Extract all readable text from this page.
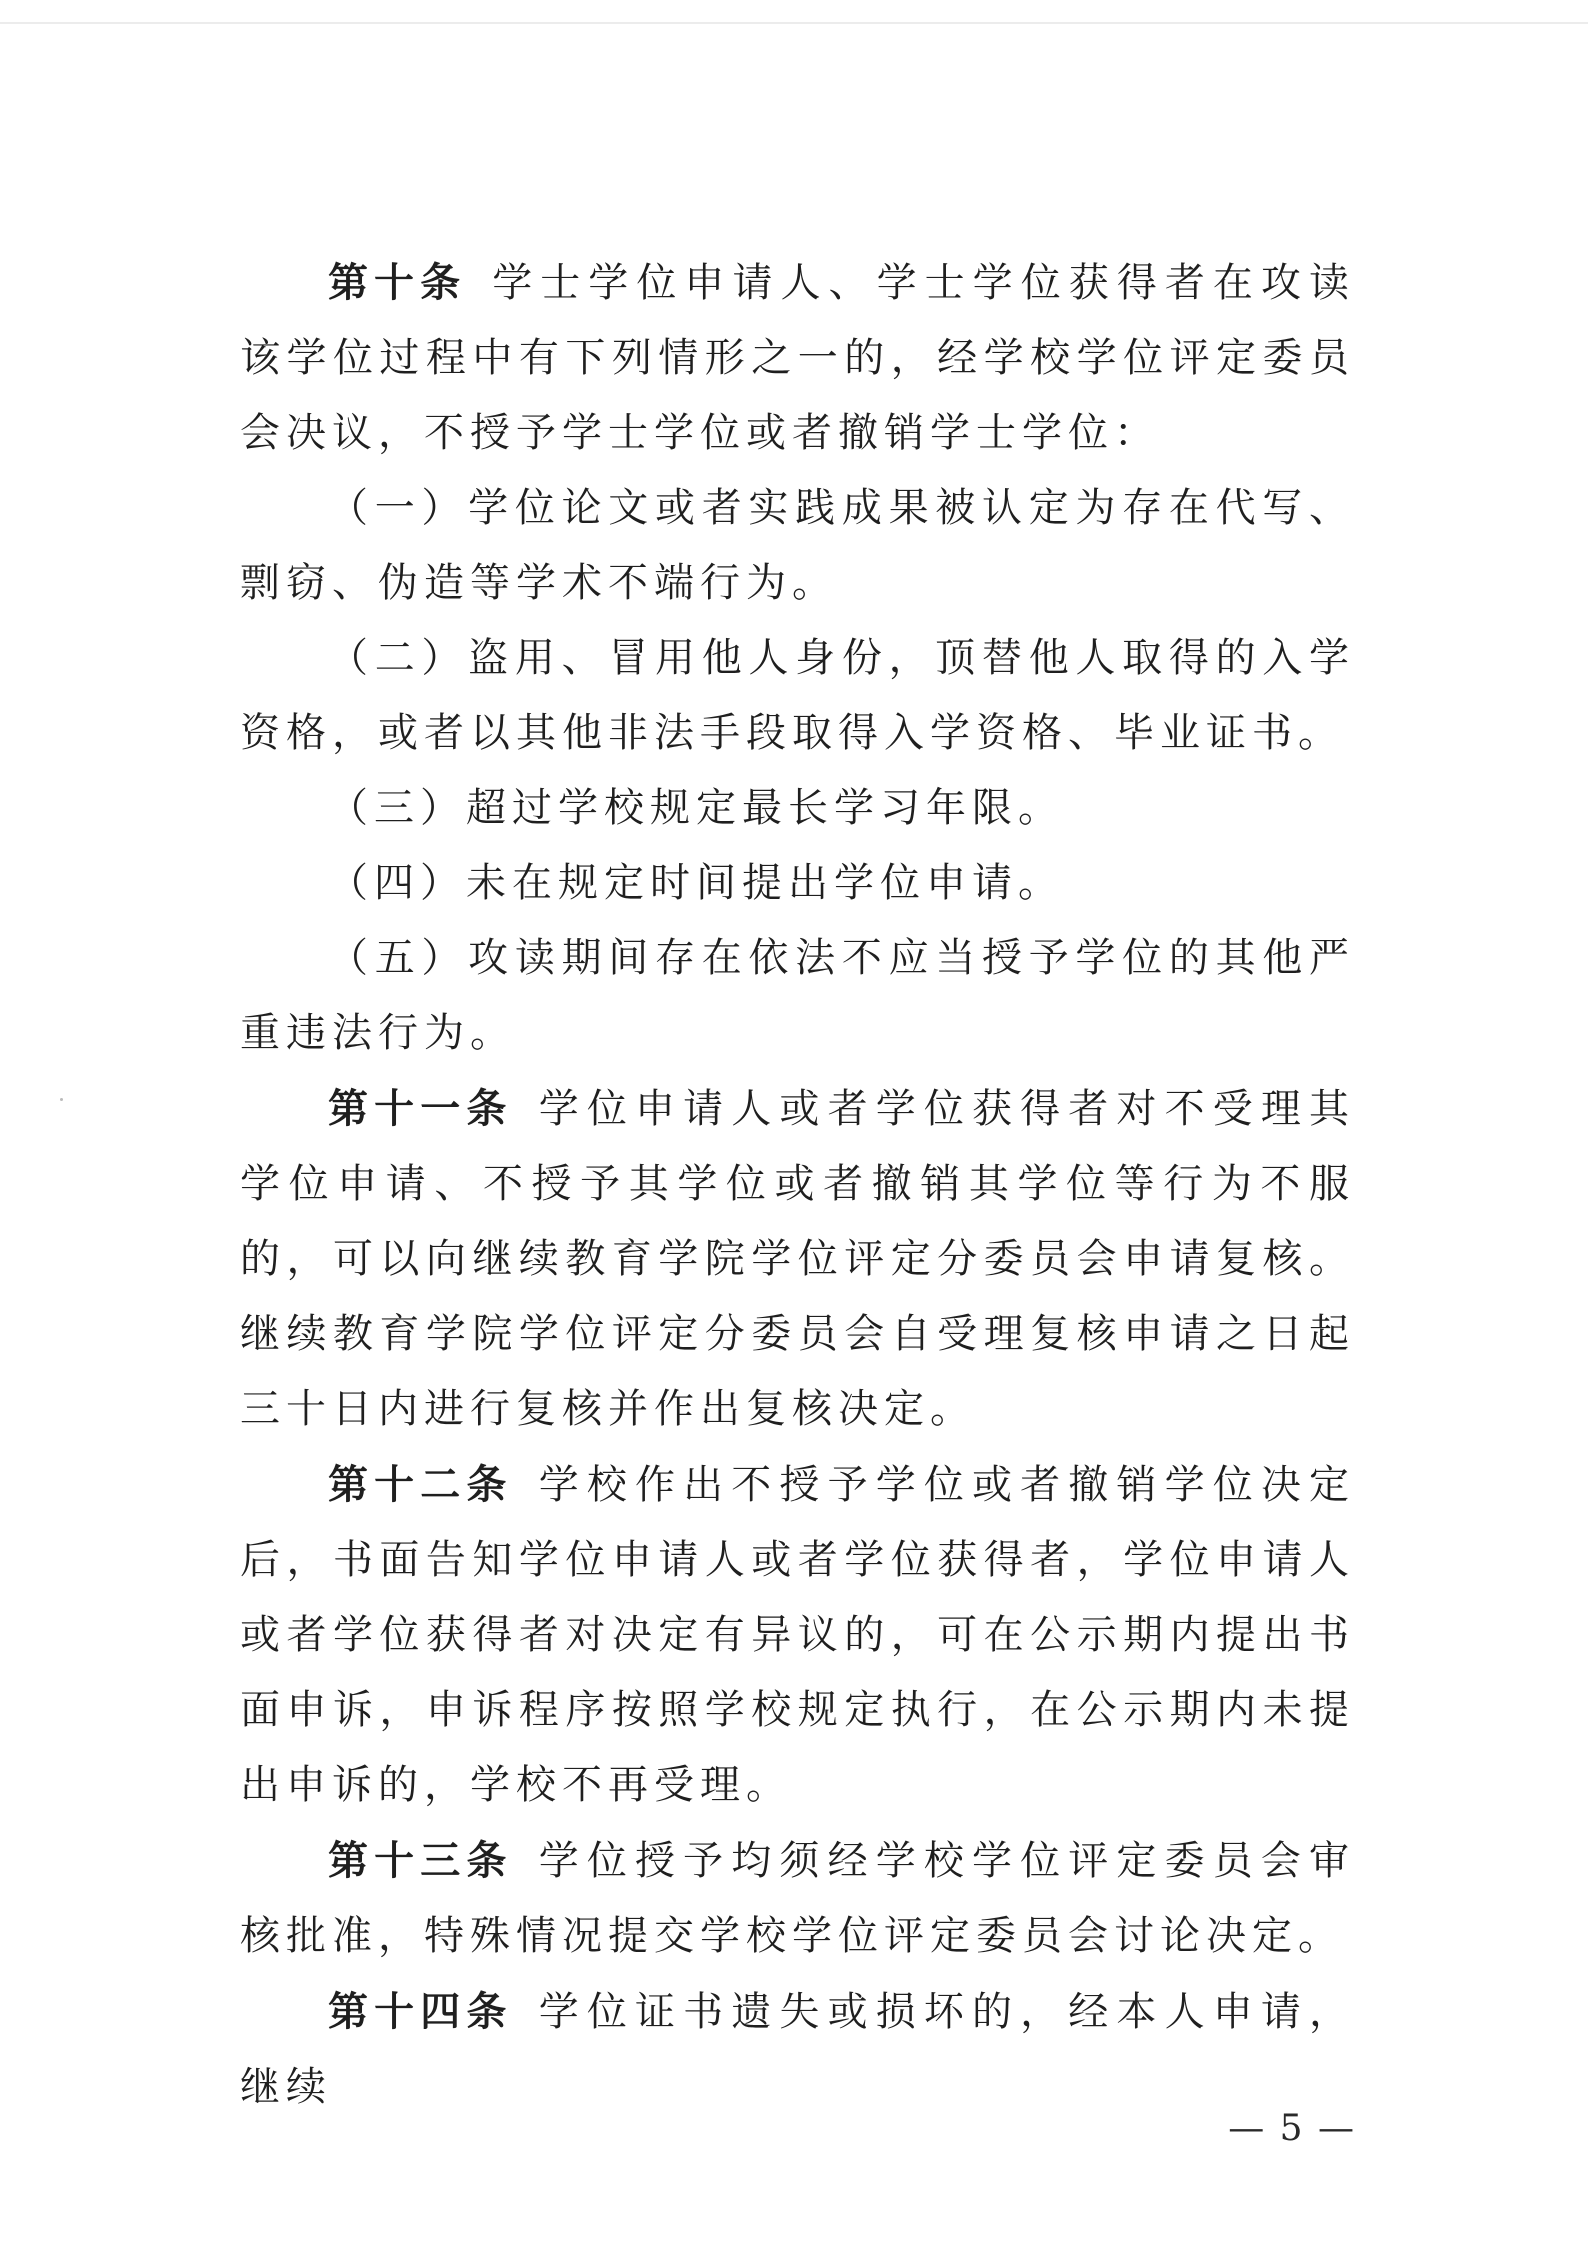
第十条 学士学位申请人、学士学位获得者在攻读该学位过程中有下列情形之一的，经学校学位评定委员会决议，不授予学士学位或者撤销学士学位：

（一）学位论文或者实践成果被认定为存在代写、剽窃、伪造等学术不端行为。

（二）盗用、冒用他人身份，顶替他人取得的入学资格，或者以其他非法手段取得入学资格、毕业证书。

（三）超过学校规定最长学习年限。

（四）未在规定时间提出学位申请。

（五）攻读期间存在依法不应当授予学位的其他严重违法行为。

第十一条 学位申请人或者学位获得者对不受理其学位申请、不授予其学位或者撤销其学位等行为不服的，可以向继续教育学院学位评定分委员会申请复核。继续教育学院学位评定分委员会自受理复核申请之日起三十日内进行复核并作出复核决定。

第十二条 学校作出不授予学位或者撤销学位决定后，书面告知学位申请人或者学位获得者，学位申请人或者学位获得者对决定有异议的，可在公示期内提出书面申诉，申诉程序按照学校规定执行，在公示期内未提出申诉的，学校不再受理。

第十三条 学位授予均须经学校学位评定委员会审核批准，特殊情况提交学校学位评定委员会讨论决定。

第十四条 学位证书遗失或损坏的，经本人申请，继续

— 5 —
